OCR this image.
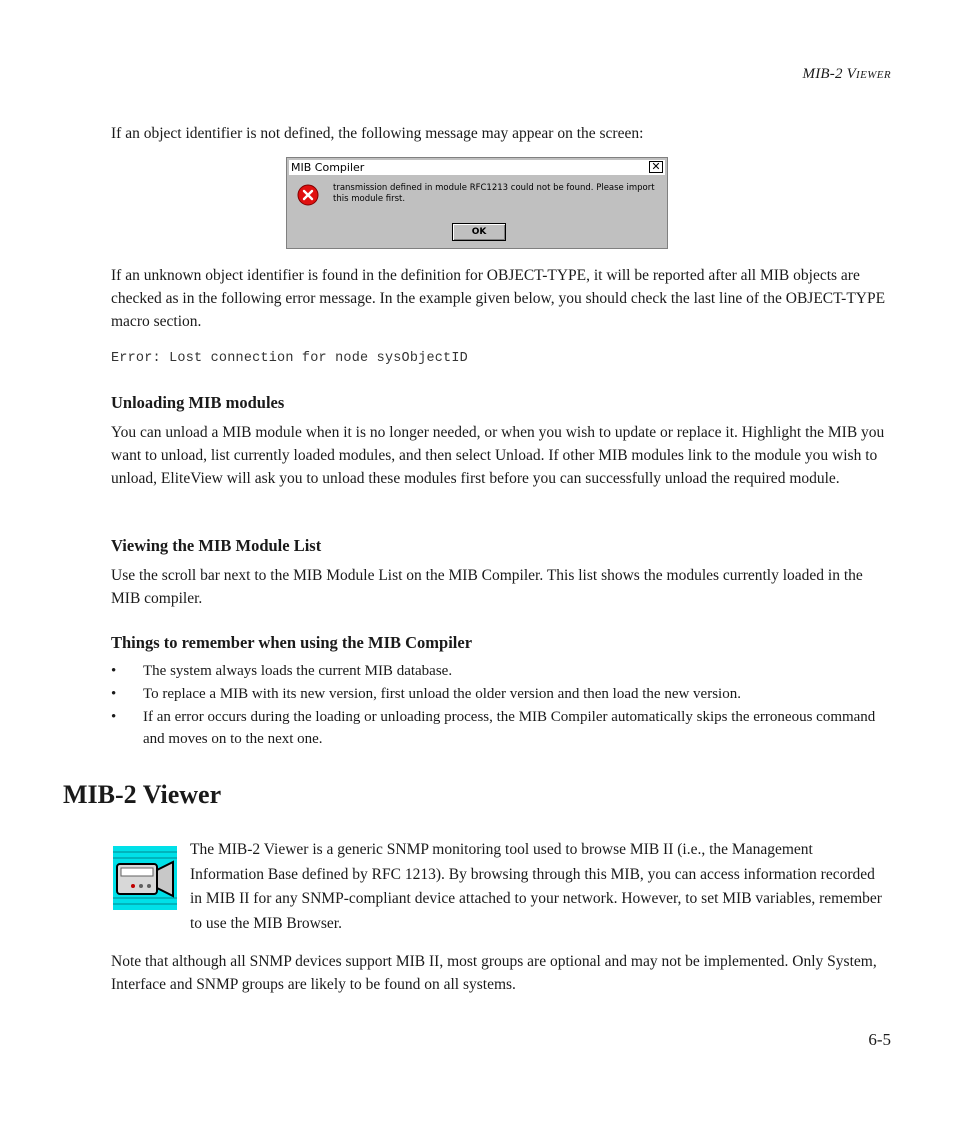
MIB-2 VIEWER

If an object identifier is not defined, the following message may appear on the screen:

MIB Compiler	✕
transmission defined in module RFC1213 could not be found. Please import this module first.
OK

If an unknown object identifier is found in the definition for OBJECT-TYPE, it will be reported after all MIB objects are checked as in the following error message. In the example given below, you should check the last line of the OBJECT-TYPE macro section.

Error: Lost connection for node sysObjectID
Unloading MIB modules

You can unload a MIB module when it is no longer needed, or when you wish to update or replace it. Highlight the MIB you want to unload, list currently loaded modules, and then select Unload. If other MIB modules link to the module you wish to unload, EliteView will ask you to unload these modules first before you can successfully unload the required module.

Viewing the MIB Module List

Use the scroll bar next to the MIB Module List on the MIB Compiler. This list shows the modules currently loaded in the MIB compiler.

Things to remember when using the MIB Compiler
• The system always loads the current MIB database.
• To replace a MIB with its new version, first unload the older version and then load the new version.
• If an error occurs during the loading or unloading process, the MIB Compiler automatically skips the erroneous command and moves on to the next one.
MIB-2 Viewer

The MIB-2 Viewer is a generic SNMP monitoring tool used to browse MIB II (i.e., the Management Information Base defined by RFC 1213). By browsing through this MIB, you can access information recorded in MIB II for any SNMP-compliant device attached to your network. However, to set MIB variables, remember to use the MIB Browser.

Note that although all SNMP devices support MIB II, most groups are optional and may not be implemented. Only System, Interface and SNMP groups are likely to be found on all systems.

6-5
